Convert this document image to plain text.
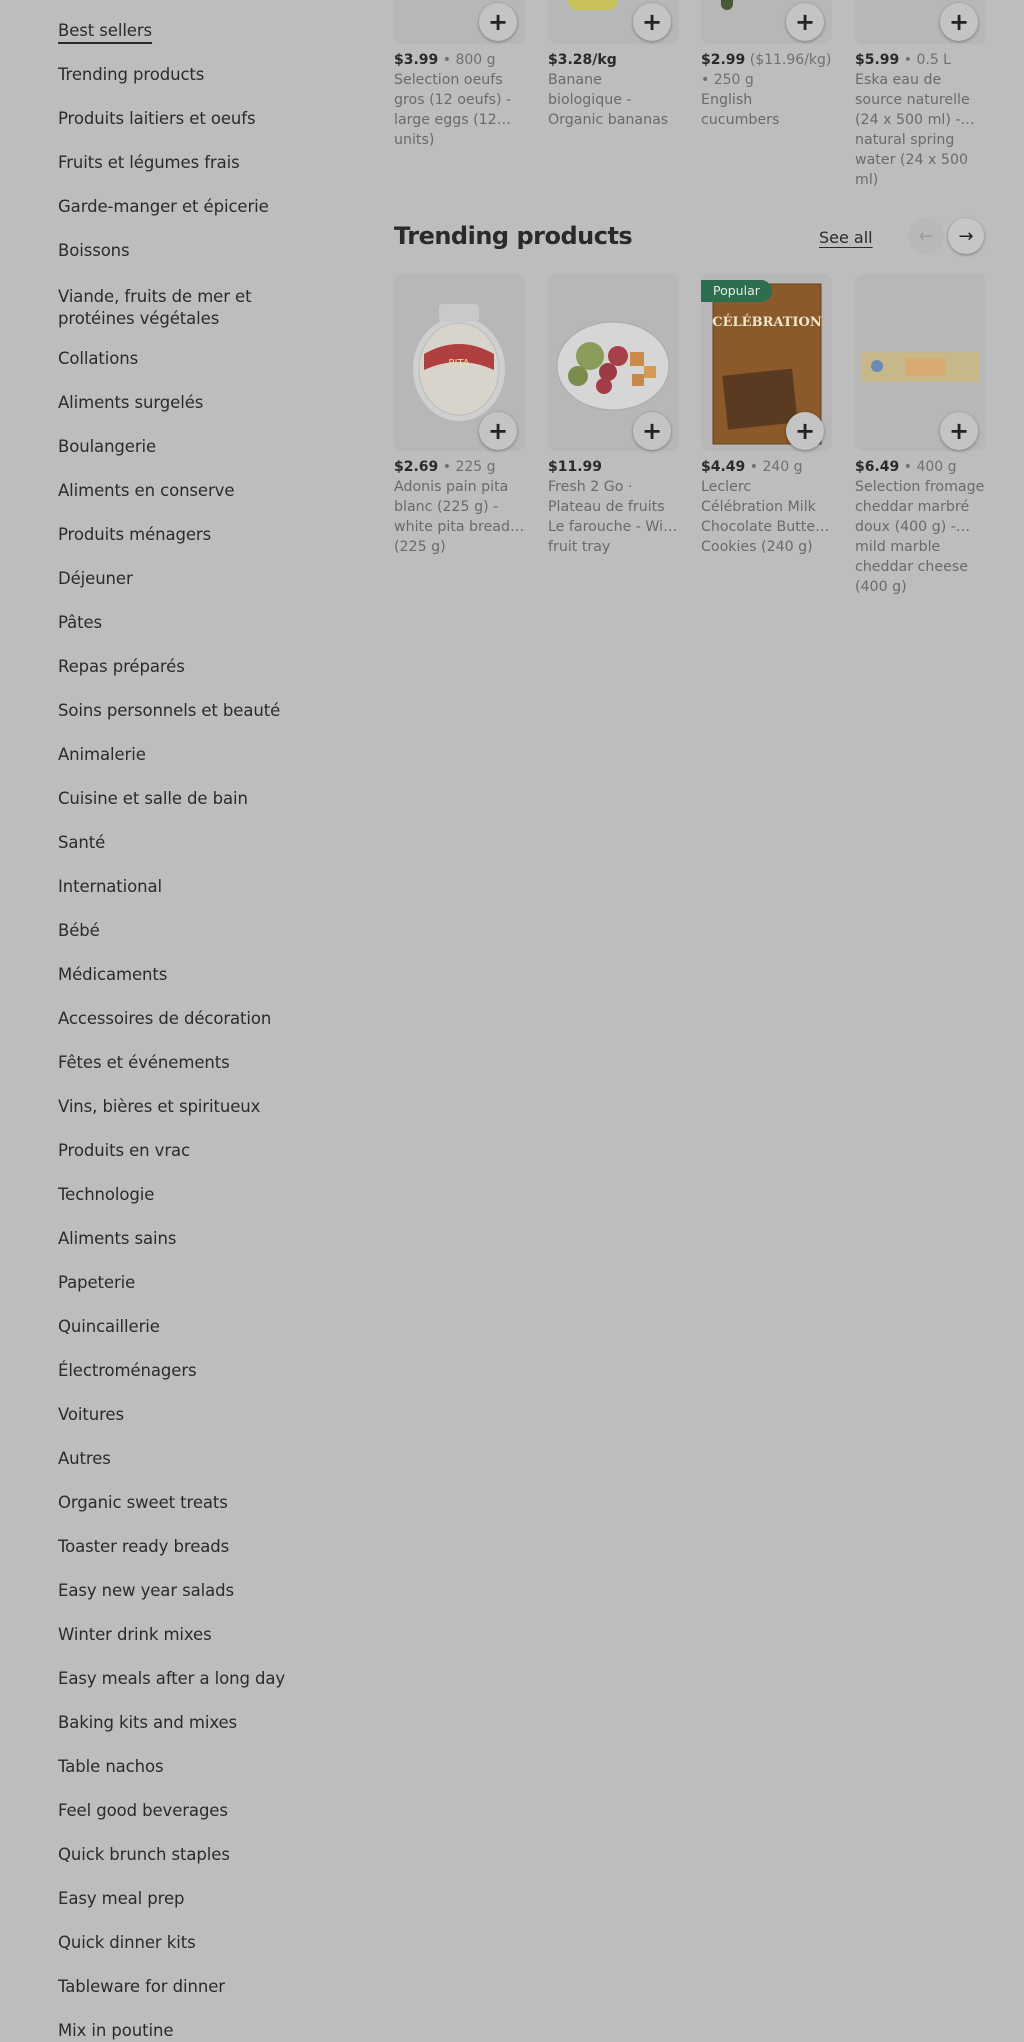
Best sellers
Trending products
Produits laitiers et oeufs
Fruits et légumes frais
Garde-manger et épicerie
Boissons
Viande, fruits de mer et protéines végétales
Collations
Aliments surgelés
Boulangerie
Aliments en conserve
Produits ménagers
Déjeuner
Pâtes
Repas préparés
Soins personnels et beauté
Animalerie
Cuisine et salle de bain
Santé
International
Bébé
Médicaments
Accessoires de décoration
Fêtes et événements
Vins, bières et spiritueux
Produits en vrac
Technologie
Aliments sains
Papeterie
Quincaillerie
Électroménagers
Voitures
Autres
Organic sweet treats
Toaster ready breads
Easy new year salads
Winter drink mixes
Easy meals after a long day
Baking kits and mixes
Table nachos
Feel good beverages
Quick brunch staples
Easy meal prep
Quick dinner kits
Tableware for dinner
Mix in poutine
+
$3.99 • 800 g
Selection oeufs gros (12 oeufs) - large eggs (12 units)
+
$3.28/kg
Banane biologique - Organic bananas
+
$2.99 ($11.96/kg) • 250 g
English cucumbers
+
$5.99 • 0.5 L
Eska eau de source naturelle (24 x 500 ml) - natural spring water (24 x 500 ml)
Trending products	See all	← →
PITA
+
$2.69 • 225 g
Adonis pain pita blanc (225 g) - white pita bread (225 g)
+
$11.99
Fresh 2 Go · Plateau de fruits Le farouche - Wild fruit tray
CÉLÉBRATION
Popular
+
$4.49 • 240 g
Leclerc Célébration Milk Chocolate Butter Cookies (240 g)
+
$6.49 • 400 g
Selection fromage cheddar marbré doux (400 g) - mild marble cheddar cheese (400 g)
